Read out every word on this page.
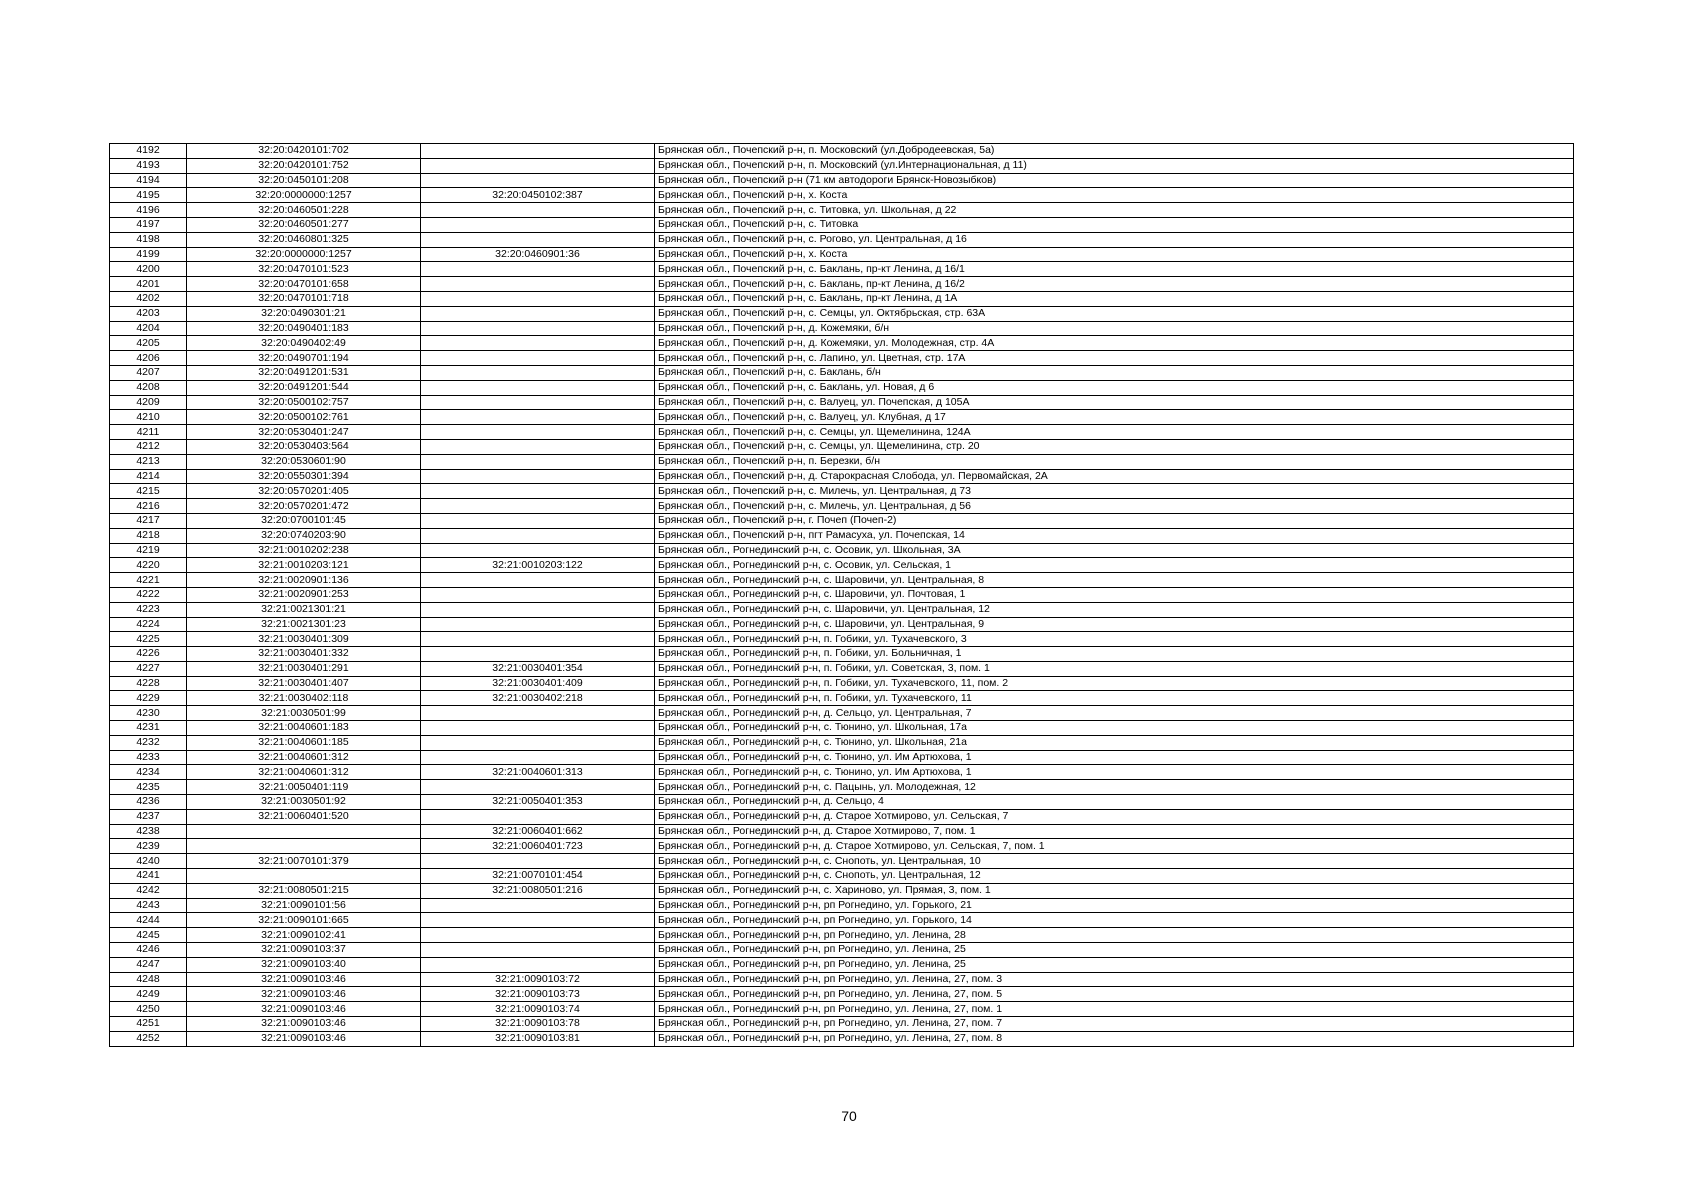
4192	32:20:0420101:702		Брянская обл., Почепский р-н, п. Московский (ул.Добродеевская, 5а)
4193	32:20:0420101:752		Брянская обл., Почепский р-н, п. Московский (ул.Интернациональная, д 11)
4194	32:20:0450101:208		Брянская обл., Почепский р-н (71 км автодороги Брянск-Новозыбков)
4195	32:20:0000000:1257	32:20:0450102:387	Брянская обл., Почепский р-н, х. Коста
4196	32:20:0460501:228		Брянская обл., Почепский р-н, с. Титовка, ул. Школьная, д 22
4197	32:20:0460501:277		Брянская обл., Почепский р-н, с. Титовка
4198	32:20:0460801:325		Брянская обл., Почепский р-н, с. Рогово, ул. Центральная, д 16
4199	32:20:0000000:1257	32:20:0460901:36	Брянская обл., Почепский р-н, х. Коста
4200	32:20:0470101:523		Брянская обл., Почепский р-н, с. Баклань, пр-кт Ленина, д 16/1
4201	32:20:0470101:658		Брянская обл., Почепский р-н, с. Баклань, пр-кт Ленина, д 16/2
4202	32:20:0470101:718		Брянская обл., Почепский р-н, с. Баклань, пр-кт Ленина, д 1А
4203	32:20:0490301:21		Брянская обл., Почепский р-н, с. Семцы, ул. Октябрьская, стр. 63А
4204	32:20:0490401:183		Брянская обл., Почепский р-н, д. Кожемяки, б/н
4205	32:20:0490402:49		Брянская обл., Почепский р-н, д. Кожемяки, ул. Молодежная, стр. 4А
4206	32:20:0490701:194		Брянская обл., Почепский р-н, с. Лапино, ул. Цветная, стр. 17А
4207	32:20:0491201:531		Брянская обл., Почепский р-н, с. Баклань, б/н
4208	32:20:0491201:544		Брянская обл., Почепский р-н, с. Баклань, ул. Новая, д 6
4209	32:20:0500102:757		Брянская обл., Почепский р-н, с. Валуец, ул. Почепская, д 105А
4210	32:20:0500102:761		Брянская обл., Почепский р-н, с. Валуец, ул. Клубная, д 17
4211	32:20:0530401:247		Брянская обл., Почепский р-н, с. Семцы, ул. Щемелинина, 124А
4212	32:20:0530403:564		Брянская обл., Почепский р-н, с. Семцы, ул. Щемелинина, стр. 20
4213	32:20:0530601:90		Брянская обл., Почепский р-н, п. Березки, б/н
4214	32:20:0550301:394		Брянская обл., Почепский р-н, д. Старокрасная Слобода, ул. Первомайская, 2А
4215	32:20:0570201:405		Брянская обл., Почепский р-н, с. Милечь, ул. Центральная, д 73
4216	32:20:0570201:472		Брянская обл., Почепский р-н, с. Милечь, ул. Центральная, д 56
4217	32:20:0700101:45		Брянская обл., Почепский р-н, г. Почеп (Почеп-2)
4218	32:20:0740203:90		Брянская обл., Почепский р-н, пгт Рамасуха, ул. Почепская, 14
4219	32:21:0010202:238		Брянская обл., Рогнединский р-н, с. Осовик, ул. Школьная, 3А
4220	32:21:0010203:121	32:21:0010203:122	Брянская обл., Рогнединский р-н, с. Осовик, ул. Сельская, 1
4221	32:21:0020901:136		Брянская обл., Рогнединский р-н, с. Шаровичи, ул. Центральная, 8
4222	32:21:0020901:253		Брянская обл., Рогнединский р-н, с. Шаровичи, ул. Почтовая, 1
4223	32:21:0021301:21		Брянская обл., Рогнединский р-н, с. Шаровичи, ул. Центральная, 12
4224	32:21:0021301:23		Брянская обл., Рогнединский р-н, с. Шаровичи, ул. Центральная, 9
4225	32:21:0030401:309		Брянская обл., Рогнединский р-н, п. Гобики, ул. Тухачевского, 3
4226	32:21:0030401:332		Брянская обл., Рогнединский р-н, п. Гобики, ул. Больничная, 1
4227	32:21:0030401:291	32:21:0030401:354	Брянская обл., Рогнединский р-н, п. Гобики, ул. Советская, 3, пом. 1
4228	32:21:0030401:407	32:21:0030401:409	Брянская обл., Рогнединский р-н, п. Гобики, ул. Тухачевского, 11, пом. 2
4229	32:21:0030402:118	32:21:0030402:218	Брянская обл., Рогнединский р-н, п. Гобики, ул. Тухачевского, 11
4230	32:21:0030501:99		Брянская обл., Рогнединский р-н, д. Сельцо, ул. Центральная, 7
4231	32:21:0040601:183		Брянская обл., Рогнединский р-н, с. Тюнино, ул. Школьная, 17а
4232	32:21:0040601:185		Брянская обл., Рогнединский р-н, с. Тюнино, ул. Школьная, 21а
4233	32:21:0040601:312		Брянская обл., Рогнединский р-н, с. Тюнино, ул. Им Артюхова, 1
4234	32:21:0040601:312	32:21:0040601:313	Брянская обл., Рогнединский р-н, с. Тюнино, ул. Им Артюхова, 1
4235	32:21:0050401:119		Брянская обл., Рогнединский р-н, с. Пацынь, ул. Молодежная, 12
4236	32:21:0030501:92	32:21:0050401:353	Брянская обл., Рогнединский р-н, д. Сельцо, 4
4237	32:21:0060401:520		Брянская обл., Рогнединский р-н, д. Старое Хотмирово, ул. Сельская, 7
4238		32:21:0060401:662	Брянская обл., Рогнединский р-н, д. Старое Хотмирово, 7, пом. 1
4239		32:21:0060401:723	Брянская обл., Рогнединский р-н, д. Старое Хотмирово, ул. Сельская, 7, пом. 1
4240	32:21:0070101:379		Брянская обл., Рогнединский р-н, с. Снопоть, ул. Центральная, 10
4241		32:21:0070101:454	Брянская обл., Рогнединский р-н, с. Снопоть, ул. Центральная, 12
4242	32:21:0080501:215	32:21:0080501:216	Брянская обл., Рогнединский р-н, с. Хариново, ул. Прямая, 3, пом. 1
4243	32:21:0090101:56		Брянская обл., Рогнединский р-н, рп Рогнедино, ул. Горького, 21
4244	32:21:0090101:665		Брянская обл., Рогнединский р-н, рп Рогнедино, ул. Горького, 14
4245	32:21:0090102:41		Брянская обл., Рогнединский р-н, рп Рогнедино, ул. Ленина, 28
4246	32:21:0090103:37		Брянская обл., Рогнединский р-н, рп Рогнедино, ул. Ленина, 25
4247	32:21:0090103:40		Брянская обл., Рогнединский р-н, рп Рогнедино, ул. Ленина, 25
4248	32:21:0090103:46	32:21:0090103:72	Брянская обл., Рогнединский р-н, рп Рогнедино, ул. Ленина, 27, пом. 3
4249	32:21:0090103:46	32:21:0090103:73	Брянская обл., Рогнединский р-н, рп Рогнедино, ул. Ленина, 27, пом. 5
4250	32:21:0090103:46	32:21:0090103:74	Брянская обл., Рогнединский р-н, рп Рогнедино, ул. Ленина, 27, пом. 1
4251	32:21:0090103:46	32:21:0090103:78	Брянская обл., Рогнединский р-н, рп Рогнедино, ул. Ленина, 27, пом. 7
4252	32:21:0090103:46	32:21:0090103:81	Брянская обл., Рогнединский р-н, рп Рогнедино, ул. Ленина, 27, пом. 8
70
